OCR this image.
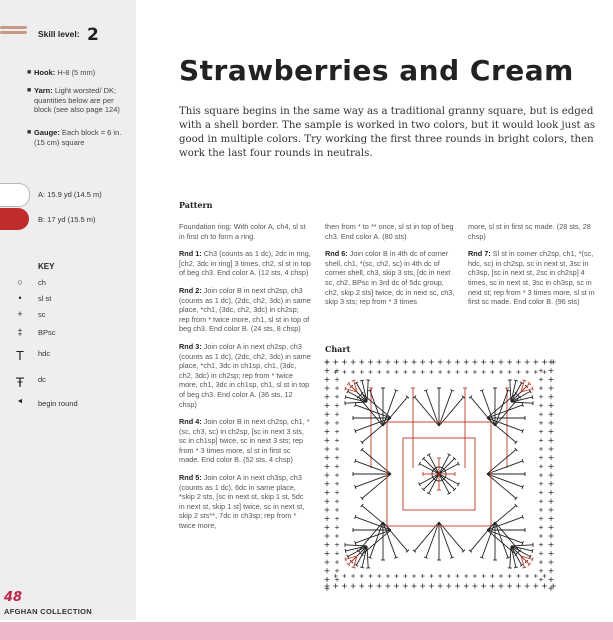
Skill level: 2
■ Hook: H-8 (5 mm)
■ Yarn: Light worsted/ DK; quantities below are per block (see also page 124)
■ Gauge: Each block = 6 in. (15 cm) square
A: 15.9 yd (14.5 m)
B: 17 yd (15.5 m)
KEY
○	ch
•	sl st
+	sc
‡	BPsc
T	hdc
Ŧ	dc
◄	begin round
Strawberries and Cream
This square begins in the same way as a traditional granny square, but is edged with a shell border. The sample is worked in two colors, but it would look just as good in multiple colors. Try working the first three rounds in bright colors, then work the last four rounds in neutrals.
Pattern

Foundation ring: With color A, ch4, sl st in first ch to form a ring.

Rnd 1: Ch3 (counts as 1 dc), 2dc in ring, [ch2, 3dc in ring] 3 times, ch2, sl st in top of beg ch3. End color A. (12 sts, 4 chsp)

Rnd 2: Join color B in next ch2sp, ch3 (counts as 1 dc), (2dc, ch2, 3dc) in same place, *ch1, (3dc, ch2, 3dc) in ch2sp; rep from * twice more, ch1, sl st in top of beg ch3. End color B. (24 sts, 8 chsp)

Rnd 3: Join color A in next ch2sp, ch3 (counts as 1 dc), (2dc, ch2, 3dc) in same place, *ch1, 3dc in ch1sp, ch1, (3dc, ch2, 3dc) in ch2sp; rep from * twice more, ch1, 3dc in ch1sp, ch1, sl st in top of beg ch3. End color A. (36 sts, 12 chsp)

Rnd 4: Join color B in next ch2sp, ch1, *(sc, ch3, sc) in ch2sp, [sc in next 3 sts, sc in ch1sp] twice, sc in next 3 sts; rep from * 3 times more, sl st in first sc made. End color B. (52 sts, 4 chsp)

Rnd 5: Join color A in next ch3sp, ch3 (counts as 1 dc), 6dc in same place, *skip 2 sts, [sc in next st, skip 1 st, 5dc in next st, skip 1 st] twice, sc in next st, skip 2 sts**, 7dc in ch3sp; rep from * twice more,

then from * to ** once, sl st in top of beg ch3. End color A. (80 sts)

Rnd 6: Join color B in 4th dc of corner shell, ch1, *(sc, ch2, sc) in 4th dc of corner shell, ch3, skip 3 sts, [dc in next sc, ch2, BPsc in 3rd dc of 5dc group, ch2, skip 2 sts] twice, dc in next sc, ch3, skip 3 sts; rep from * 3 times

more, sl st in first sc made. (28 sts, 28 chsp)

Rnd 7: Sl st in corner ch2sp, ch1, *(sc, hdc, sc) in ch2sp, sc in next st, 3sc in ch3sp, [sc in next st, 2sc in ch2sp] 4 times, sc in next st, 3sc in ch3sp, sc in next st; rep from * 3 times more, sl st in first sc made. End color B. (96 sts)

Chart
48
AFGHAN COLLECTION
